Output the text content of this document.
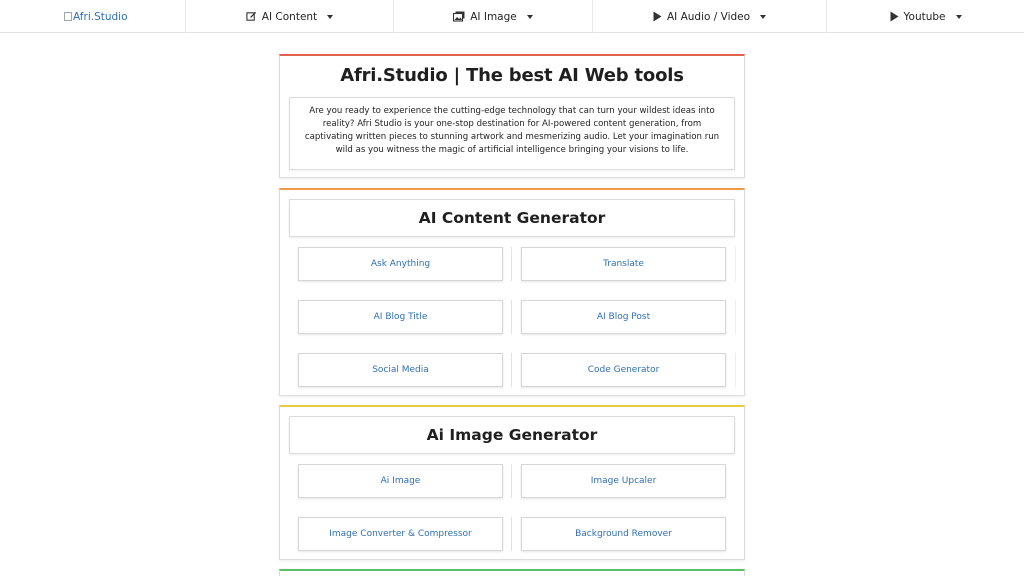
Afri.Studio	AI Content	AI Image	AI Audio / Video	Youtube
Afri.Studio | The best AI Web tools
Are you ready to experience the cutting-edge technology that can turn your wildest ideas into reality? Afri Studio is your one-stop destination for AI-powered content generation, from captivating written pieces to stunning artwork and mesmerizing audio. Let your imagination run wild as you witness the magic of artificial intelligence bringing your visions to life.
AI Content Generator
Ask Anything	Translate
AI Blog Title	AI Blog Post
Social Media	Code Generator
Ai Image Generator
Ai Image	Image Upcaler
Image Converter & Compressor	Background Remover
